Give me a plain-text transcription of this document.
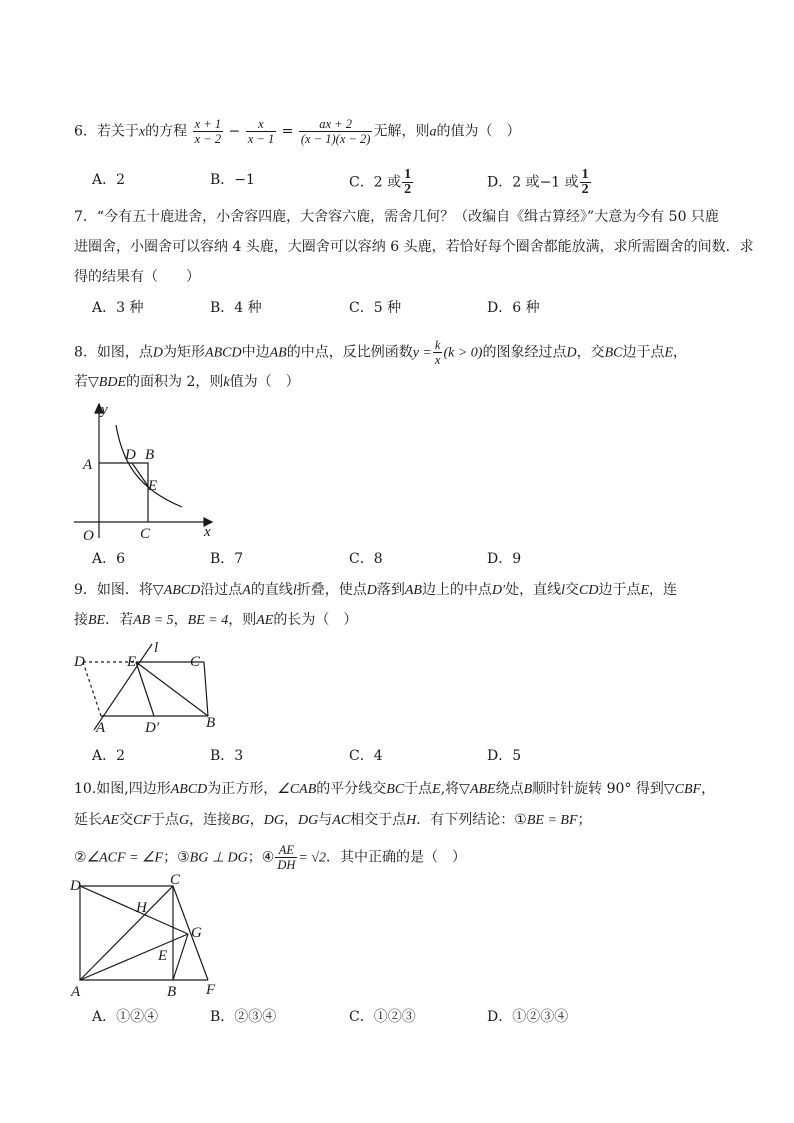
6．若关于x的方程 $\frac{x + 1}{x - 2} - \frac{x}{x - 1} = \frac{ax + 2}{(x - 1)(x - 2)}$ 无解，则a的值为（　）
A．2	B．−1	C．2 或 $\frac{1}{2}$	D．2 或−1 或 $\frac{1}{2}$
7．“今有五十鹿进舍，小舍容四鹿，大舍容六鹿，需舍几何？（改编自《缉古算经》”大意为今有 50 只鹿
进圈舍，小圈舍可以容纳 4 头鹿，大圈舍可以容纳 6 头鹿，若恰好每个圈舍都能放满，求所需圈舍的间数．求
得的结果有（　　）
A．3 种	B．4 种	C．5 种	D．6 种
8．如图，点D为矩形ABCD中边AB的中点，反比例函数$y = \frac{k}{x} (k > 0)$的图象经过点D，交BC边于点E，
若▽BDE的面积为 2，则k值为（　）
y
x
O
A
D B
E
C
A．6	B．7	C．8	D．9
9．如图．将▽ABCD沿过点A的直线l折叠，使点D落到AB边上的中点D′处，直线l交CD边于点E，连
接BE．若AB = 5，BE = 4，则AE的长为（　）
D	E
l
C
A	D′	B
A．2	B．3	C．4	D．5
10.如图,四边形ABCD为正方形，∠CAB的平分线交BC于点E,将▽ABE绕点B顺时针旋转 90° 得到▽CBF，
延长AE交CF于点G，连接BG，DG，DG与AC相交于点H．有下列结论：①BE = BF；
②∠ACF = ∠F；③BG ⊥ DG；④ $\frac{AE}{DH} = √2$．其中正确的是（　）
D	C
H
G
E
A	B F
A．①②④	B．②③④	C．①②③	D．①②③④
